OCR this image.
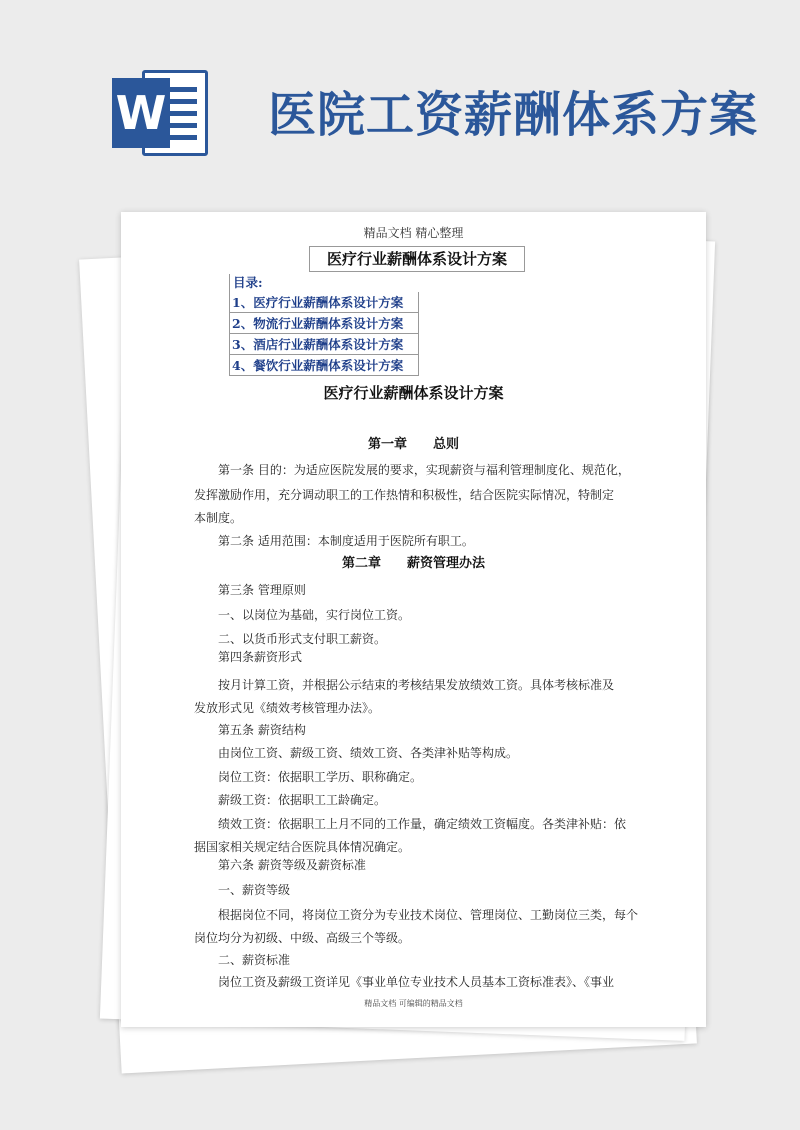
W 医院工资薪酬体系方案
精品文档 精心整理
医疗行业薪酬体系设计方案
目录:
1、医疗行业薪酬体系设计方案
2、物流行业薪酬体系设计方案
3、酒店行业薪酬体系设计方案
4、餐饮行业薪酬体系设计方案
医疗行业薪酬体系设计方案
第一章 总则
第一条 目的：为适应医院发展的要求，实现薪资与福利管理制度化、规范化，
发挥激励作用，充分调动职工的工作热情和积极性，结合医院实际情况，特制定
本制度。
第二条 适用范围：本制度适用于医院所有职工。
第二章 薪资管理办法
第三条 管理原则
一、以岗位为基础，实行岗位工资。
二、以货币形式支付职工薪资。
第四条薪资形式
按月计算工资，并根据公示结束的考核结果发放绩效工资。具体考核标准及
发放形式见《绩效考核管理办法》。
第五条 薪资结构
由岗位工资、薪级工资、绩效工资、各类津补贴等构成。
岗位工资：依据职工学历、职称确定。
薪级工资：依据职工工龄确定。
绩效工资：依据职工上月不同的工作量，确定绩效工资幅度。各类津补贴：依
据国家相关规定结合医院具体情况确定。
第六条 薪资等级及薪资标准
一、薪资等级
根据岗位不同，将岗位工资分为专业技术岗位、管理岗位、工勤岗位三类，每个
岗位均分为初级、中级、高级三个等级。
二、薪资标准
岗位工资及薪级工资详见《事业单位专业技术人员基本工资标准表》、《事业
精品文档 可编辑的精品文档
